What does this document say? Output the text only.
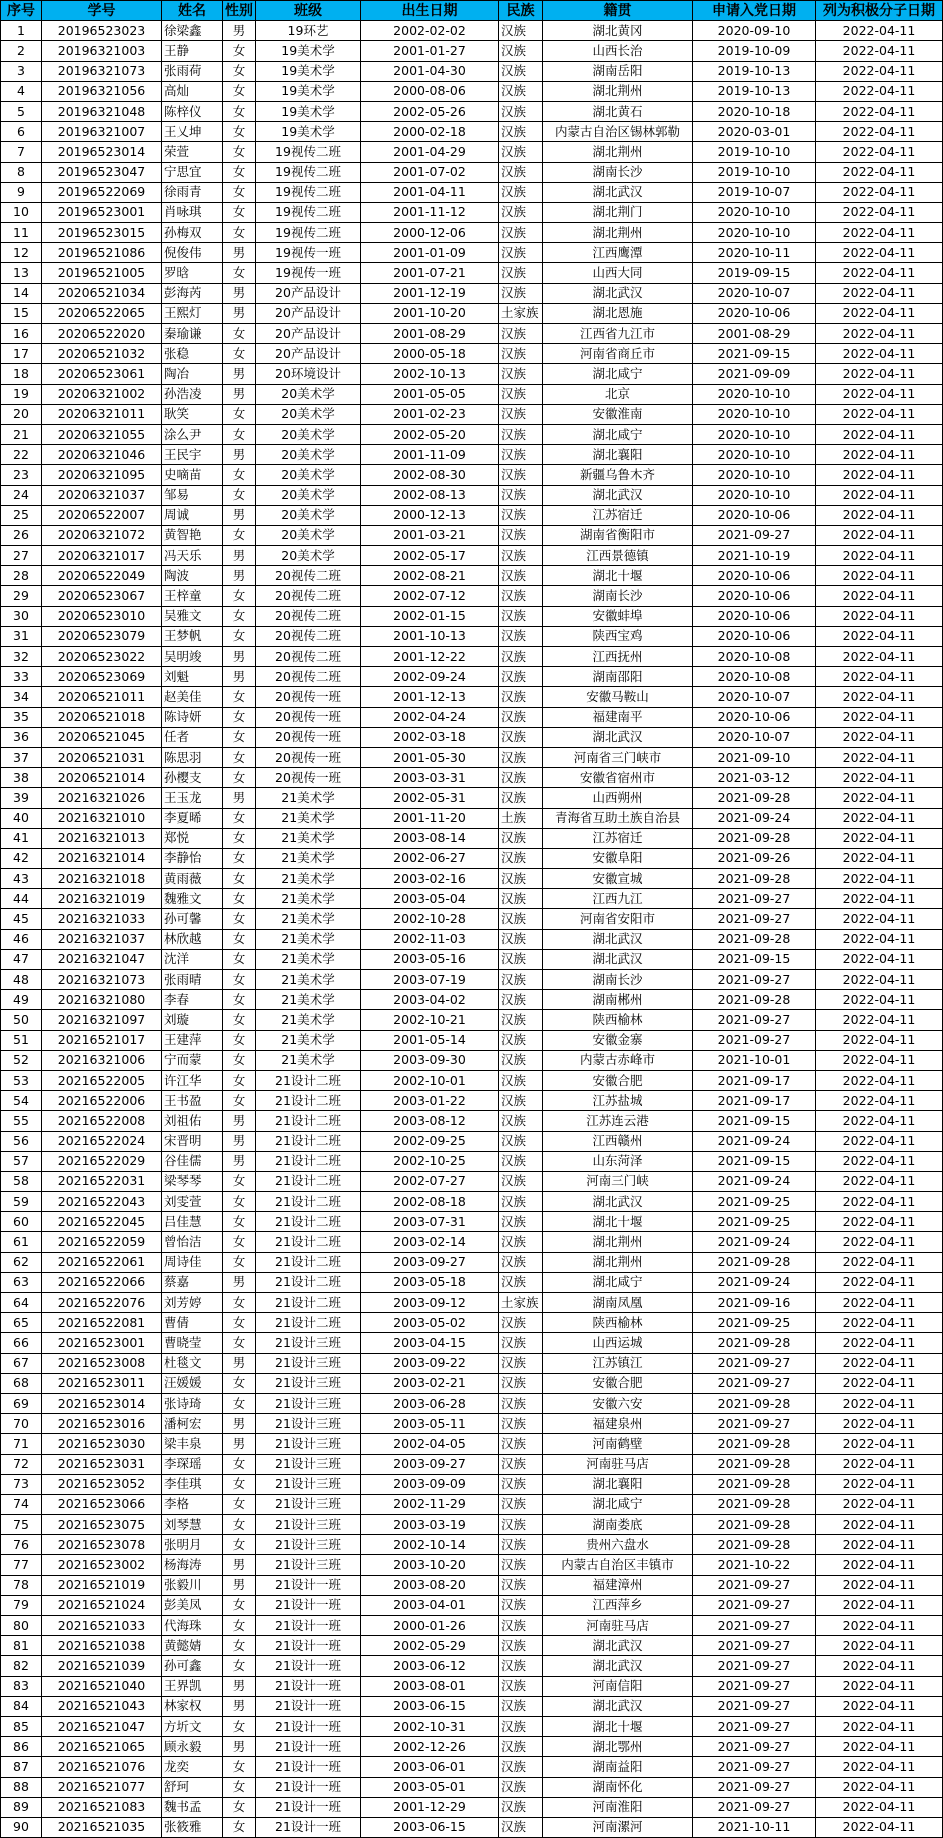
序号	学号	姓名	性别	班级	出生日期	民族	籍贯	申请入党日期	列为积极分子日期
1	20196523023	徐梁鑫	男	19环艺	2002-02-02	汉族	湖北黄冈	2020-09-10	2022-04-11
2	20196321003	王静	女	19美术学	2001-01-27	汉族	山西长治	2019-10-09	2022-04-11
3	20196321073	张雨荷	女	19美术学	2001-04-30	汉族	湖南岳阳	2019-10-13	2022-04-11
4	20196321056	高灿	女	19美术学	2000-08-06	汉族	湖北荆州	2019-10-13	2022-04-11
5	20196321048	陈梓仪	女	19美术学	2002-05-26	汉族	湖北黄石	2020-10-18	2022-04-11
6	20196321007	王乂坤	女	19美术学	2000-02-18	汉族	内蒙古自治区锡林郭勒	2020-03-01	2022-04-11
7	20196523014	荣萱	女	19视传二班	2001-04-29	汉族	湖北荆州	2019-10-10	2022-04-11
8	20196523047	宁思宜	女	19视传二班	2001-07-02	汉族	湖南长沙	2019-10-10	2022-04-11
9	20196522069	徐雨青	女	19视传二班	2001-04-11	汉族	湖北武汉	2019-10-07	2022-04-11
10	20196523001	肖咏琪	女	19视传二班	2001-11-12	汉族	湖北荆门	2020-10-10	2022-04-11
11	20196523015	孙梅双	女	19视传二班	2000-12-06	汉族	湖北荆州	2020-10-10	2022-04-11
12	20196521086	倪俊伟	男	19视传一班	2001-01-09	汉族	江西鹰潭	2020-10-11	2022-04-11
13	20196521005	罗晗	女	19视传一班	2001-07-21	汉族	山西大同	2019-09-15	2022-04-11
14	20206521034	彭海芮	男	20产品设计	2001-12-19	汉族	湖北武汉	2020-10-07	2022-04-11
15	20206522065	王熙灯	男	20产品设计	2001-10-20	土家族	湖北恩施	2020-10-06	2022-04-11
16	20206522020	秦瑜谦	女	20产品设计	2001-08-29	汉族	江西省九江市	2001-08-29	2022-04-11
17	20206521032	张稳	女	20产品设计	2000-05-18	汉族	河南省商丘市	2021-09-15	2022-04-11
18	20206523061	陶冶	男	20环境设计	2002-10-13	汉族	湖北咸宁	2021-09-09	2022-04-11
19	20206321002	孙浩凌	男	20美术学	2001-05-05	汉族	北京	2020-10-10	2022-04-11
20	20206321011	耿笑	女	20美术学	2001-02-23	汉族	安徽淮南	2020-10-10	2022-04-11
21	20206321055	涂么尹	女	20美术学	2002-05-20	汉族	湖北咸宁	2020-10-10	2022-04-11
22	20206321046	王民宇	男	20美术学	2001-11-09	汉族	湖北襄阳	2020-10-10	2022-04-11
23	20206321095	史嘀苗	女	20美术学	2002-08-30	汉族	新疆乌鲁木齐	2020-10-10	2022-04-11
24	20206321037	邹易	女	20美术学	2002-08-13	汉族	湖北武汉	2020-10-10	2022-04-11
25	20206522007	周诚	男	20美术学	2000-12-13	汉族	江苏宿迁	2020-10-06	2022-04-11
26	20206321072	黄智艳	女	20美术学	2001-03-21	汉族	湖南省衡阳市	2021-09-27	2022-04-11
27	20206321017	冯天乐	男	20美术学	2002-05-17	汉族	江西景德镇	2021-10-19	2022-04-11
28	20206522049	陶波	男	20视传二班	2002-08-21	汉族	湖北十堰	2020-10-06	2022-04-11
29	20206523067	王梓童	女	20视传二班	2002-07-12	汉族	湖南长沙	2020-10-06	2022-04-11
30	20206523010	吴雅文	女	20视传二班	2002-01-15	汉族	安徽蚌埠	2020-10-06	2022-04-11
31	20206523079	王梦帆	女	20视传二班	2001-10-13	汉族	陕西宝鸡	2020-10-06	2022-04-11
32	20206523022	吴明竣	男	20视传二班	2001-12-22	汉族	江西抚州	2020-10-08	2022-04-11
33	20206523069	刘魁	男	20视传二班	2002-09-24	汉族	湖南邵阳	2020-10-08	2022-04-11
34	20206521011	赵美佳	女	20视传一班	2001-12-13	汉族	安徽马鞍山	2020-10-07	2022-04-11
35	20206521018	陈诗妍	女	20视传一班	2002-04-24	汉族	福建南平	2020-10-06	2022-04-11
36	20206521045	任者	女	20视传一班	2002-03-18	汉族	湖北武汉	2020-10-07	2022-04-11
37	20206521031	陈思羽	女	20视传一班	2001-05-30	汉族	河南省三门峡市	2021-09-10	2022-04-11
38	20206521014	孙樱支	女	20视传一班	2003-03-31	汉族	安徽省宿州市	2021-03-12	2022-04-11
39	20216321026	王玉龙	男	21美术学	2002-05-31	汉族	山西朔州	2021-09-28	2022-04-11
40	20216321010	李夏晞	女	21美术学	2001-11-20	土族	青海省互助土族自治县	2021-09-24	2022-04-11
41	20216321013	郑悦	女	21美术学	2003-08-14	汉族	江苏宿迁	2021-09-28	2022-04-11
42	20216321014	李静怡	女	21美术学	2002-06-27	汉族	安徽阜阳	2021-09-26	2022-04-11
43	20216321018	黄雨薇	女	21美术学	2003-02-16	汉族	安徽宣城	2021-09-28	2022-04-11
44	20216321019	魏雅文	女	21美术学	2003-05-04	汉族	江西九江	2021-09-27	2022-04-11
45	20216321033	孙可馨	女	21美术学	2002-10-28	汉族	河南省安阳市	2021-09-27	2022-04-11
46	20216321037	林欣越	女	21美术学	2002-11-03	汉族	湖北武汉	2021-09-28	2022-04-11
47	20216321047	沈洋	女	21美术学	2003-05-16	汉族	湖北武汉	2021-09-15	2022-04-11
48	20216321073	张雨晴	女	21美术学	2003-07-19	汉族	湖南长沙	2021-09-27	2022-04-11
49	20216321080	李春	女	21美术学	2003-04-02	汉族	湖南郴州	2021-09-28	2022-04-11
50	20216321097	刘璇	女	21美术学	2002-10-21	汉族	陕西榆林	2021-09-27	2022-04-11
51	20216521017	王建萍	女	21美术学	2001-05-14	汉族	安徽金寨	2021-09-27	2022-04-11
52	20216321006	宁而蒙	女	21美术学	2003-09-30	汉族	内蒙古赤峰市	2021-10-01	2022-04-11
53	20216522005	许江华	女	21设计二班	2002-10-01	汉族	安徽合肥	2021-09-17	2022-04-11
54	20216522006	王书盈	女	21设计二班	2003-01-22	汉族	江苏盐城	2021-09-17	2022-04-11
55	20216522008	刘祖佑	男	21设计二班	2003-08-12	汉族	江苏连云港	2021-09-15	2022-04-11
56	20216522024	宋晋明	男	21设计二班	2002-09-25	汉族	江西赣州	2021-09-24	2022-04-11
57	20216522029	谷佳儒	男	21设计二班	2002-10-25	汉族	山东菏泽	2021-09-15	2022-04-11
58	20216522031	梁琴琴	女	21设计二班	2002-07-27	汉族	河南三门峡	2021-09-24	2022-04-11
59	20216522043	刘雯萱	女	21设计二班	2002-08-18	汉族	湖北武汉	2021-09-25	2022-04-11
60	20216522045	吕佳慧	女	21设计二班	2003-07-31	汉族	湖北十堰	2021-09-25	2022-04-11
61	20216522059	曾怡洁	女	21设计二班	2003-02-14	汉族	湖北荆州	2021-09-24	2022-04-11
62	20216522061	周诗佳	女	21设计二班	2003-09-27	汉族	湖北荆州	2021-09-28	2022-04-11
63	20216522066	蔡嘉	男	21设计二班	2003-05-18	汉族	湖北咸宁	2021-09-24	2022-04-11
64	20216522076	刘芳婷	女	21设计二班	2003-09-12	土家族	湖南凤凰	2021-09-16	2022-04-11
65	20216522081	曹倩	女	21设计二班	2003-05-02	汉族	陕西榆林	2021-09-25	2022-04-11
66	20216523001	曹晓莹	女	21设计三班	2003-04-15	汉族	山西运城	2021-09-28	2022-04-11
67	20216523008	杜毯文	男	21设计三班	2003-09-22	汉族	江苏镇江	2021-09-27	2022-04-11
68	20216523011	汪媛媛	女	21设计三班	2003-02-21	汉族	安徽合肥	2021-09-27	2022-04-11
69	20216523014	张诗琦	女	21设计三班	2003-06-28	汉族	安徽六安	2021-09-28	2022-04-11
70	20216523016	潘柯宏	男	21设计三班	2003-05-11	汉族	福建泉州	2021-09-27	2022-04-11
71	20216523030	梁丰泉	男	21设计三班	2002-04-05	汉族	河南鹤壁	2021-09-28	2022-04-11
72	20216523031	李琛瑶	女	21设计三班	2003-09-27	汉族	河南驻马店	2021-09-28	2022-04-11
73	20216523052	李佳琪	女	21设计三班	2003-09-09	汉族	湖北襄阳	2021-09-28	2022-04-11
74	20216523066	李格	女	21设计三班	2002-11-29	汉族	湖北咸宁	2021-09-28	2022-04-11
75	20216523075	刘琴慧	女	21设计三班	2003-03-19	汉族	湖南娄底	2021-09-28	2022-04-11
76	20216523078	张明月	女	21设计三班	2002-10-14	汉族	贵州六盘水	2021-09-28	2022-04-11
77	20216523002	杨海涛	男	21设计三班	2003-10-20	汉族	内蒙古自治区丰镇市	2021-10-22	2022-04-11
78	20216521019	张毅川	男	21设计一班	2003-08-20	汉族	福建漳州	2021-09-27	2022-04-11
79	20216521024	彭美凤	女	21设计一班	2003-04-01	汉族	江西萍乡	2021-09-27	2022-04-11
80	20216521033	代海珠	女	21设计一班	2000-01-26	汉族	河南驻马店	2021-09-27	2022-04-11
81	20216521038	黄懿婧	女	21设计一班	2002-05-29	汉族	湖北武汉	2021-09-27	2022-04-11
82	20216521039	孙可鑫	女	21设计一班	2003-06-12	汉族	湖北武汉	2021-09-27	2022-04-11
83	20216521040	王界凯	男	21设计一班	2003-08-01	汉族	河南信阳	2021-09-27	2022-04-11
84	20216521043	林家权	男	21设计一班	2003-06-15	汉族	湖北武汉	2021-09-27	2022-04-11
85	20216521047	方圻文	女	21设计一班	2002-10-31	汉族	湖北十堰	2021-09-27	2022-04-11
86	20216521065	顾永毅	男	21设计一班	2002-12-26	汉族	湖北鄂州	2021-09-27	2022-04-11
87	20216521076	龙奕	女	21设计一班	2003-06-01	汉族	湖南益阳	2021-09-27	2022-04-11
88	20216521077	舒珂	女	21设计一班	2003-05-01	汉族	湖南怀化	2021-09-27	2022-04-11
89	20216521083	魏书孟	女	21设计一班	2001-12-29	汉族	河南淮阳	2021-09-27	2022-04-11
90	20216521035	张筱雅	女	21设计一班	2003-06-15	汉族	河南漯河	2021-10-11	2022-04-11
